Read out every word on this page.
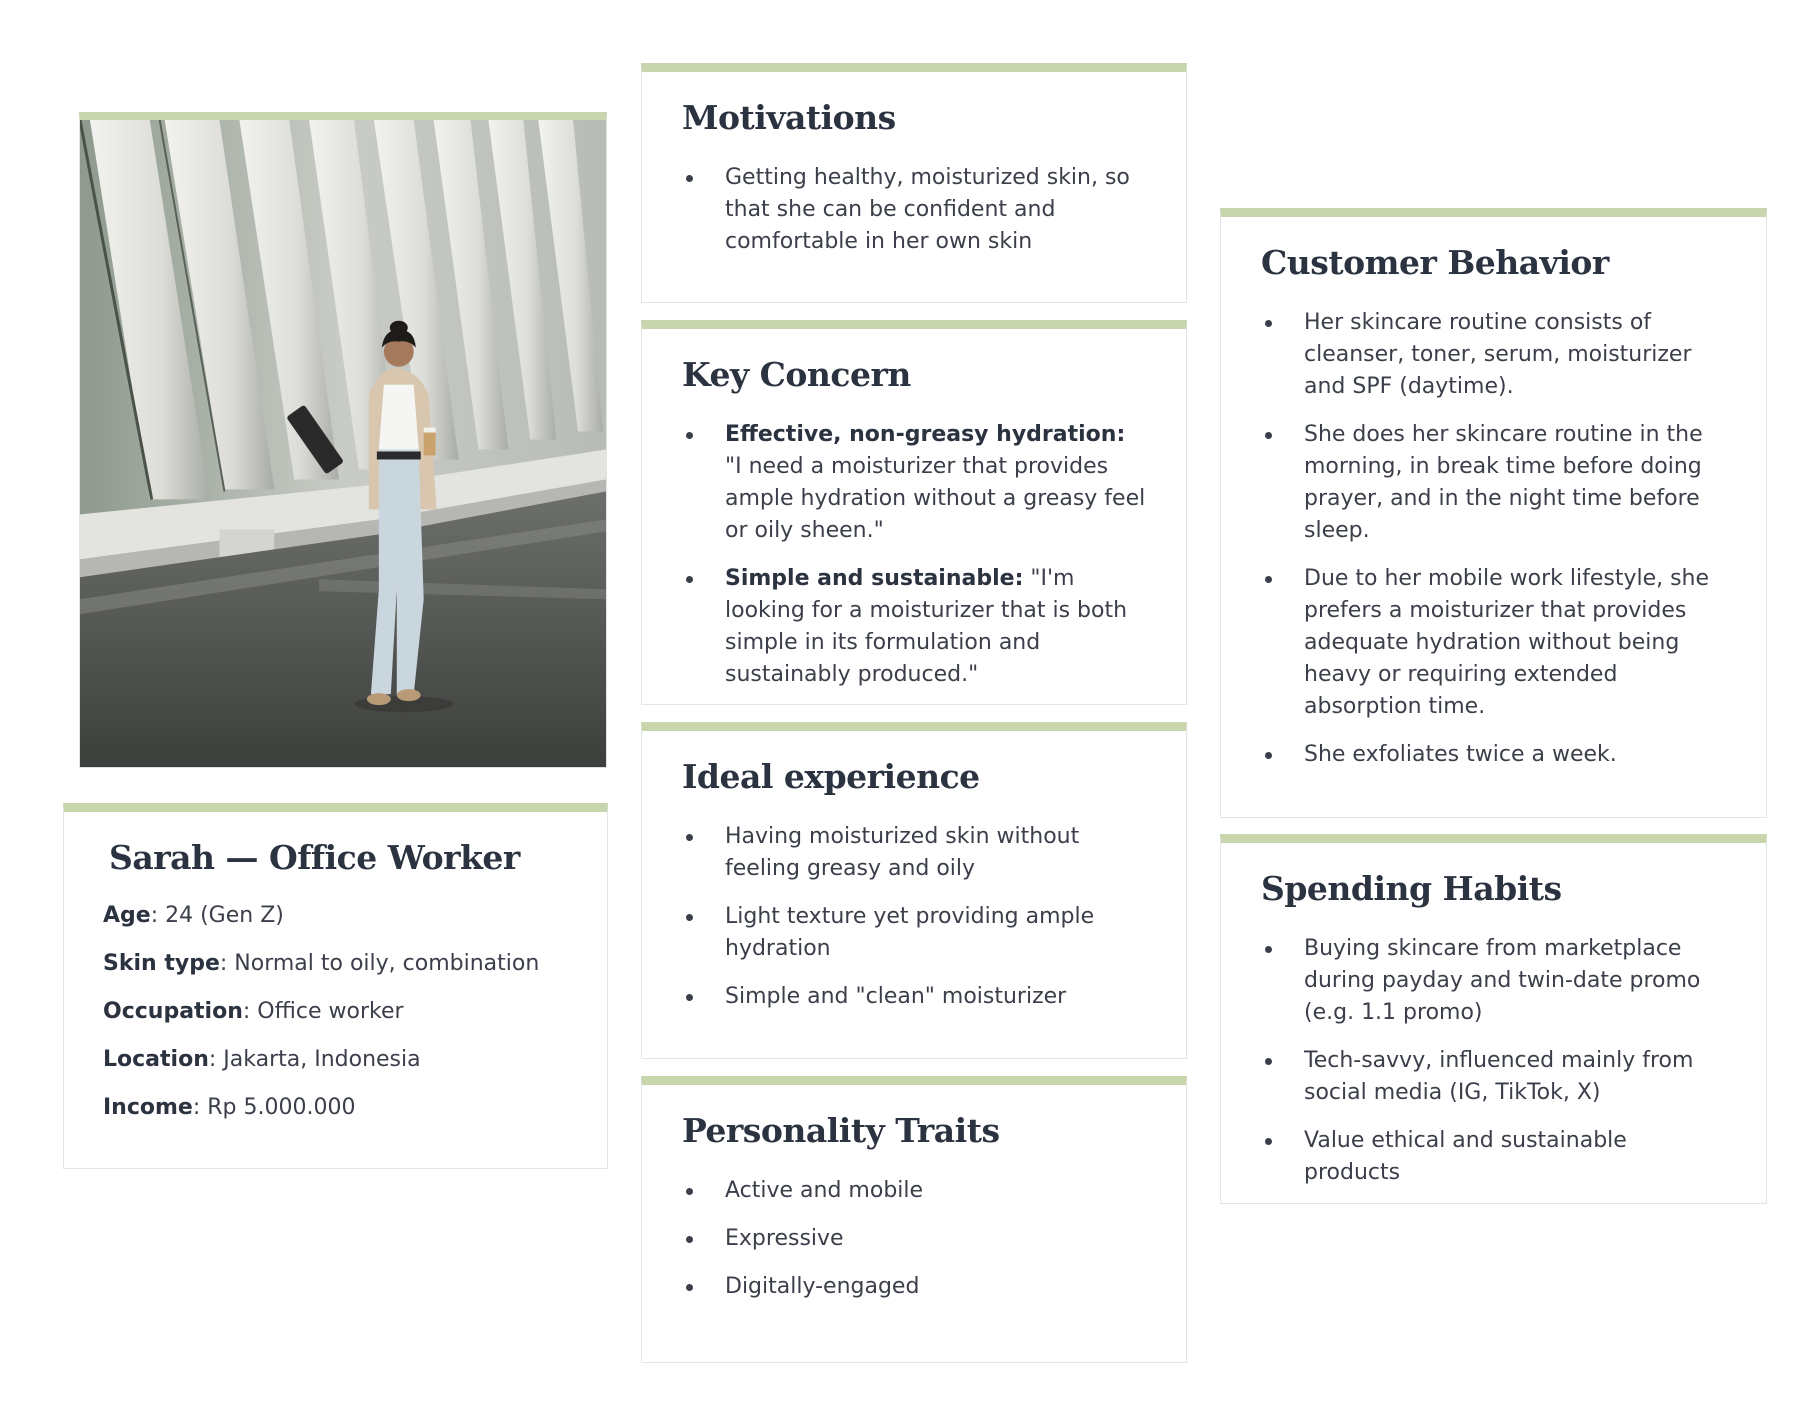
Sarah — Office Worker
Age: 24 (Gen Z)
Skin type: Normal to oily, combination
Occupation: Office worker
Location: Jakarta, Indonesia
Income: Rp 5.000.000
Motivations
Getting healthy, moisturized skin, so that she can be confident and comfortable in her own skin
Key Concern
Effective, non-greasy hydration: "I need a moisturizer that provides ample hydration without a greasy feel or oily sheen."
Simple and sustainable: "I'm looking for a moisturizer that is both simple in its formulation and sustainably produced."
Ideal experience
Having moisturized skin without feeling greasy and oily
Light texture yet providing ample hydration
Simple and "clean" moisturizer
Personality Traits
Active and mobile
Expressive
Digitally-engaged
Customer Behavior
Her skincare routine consists of cleanser, toner, serum, moisturizer and SPF (daytime).
She does her skincare routine in the morning, in break time before doing prayer, and in the night time before sleep.
Due to her mobile work lifestyle, she prefers a moisturizer that provides adequate hydration without being heavy or requiring extended absorption time.
She exfoliates twice a week.
Spending Habits
Buying skincare from marketplace during payday and twin-date promo (e.g. 1.1 promo)
Tech-savvy, influenced mainly from social media (IG, TikTok, X)
Value ethical and sustainable products
